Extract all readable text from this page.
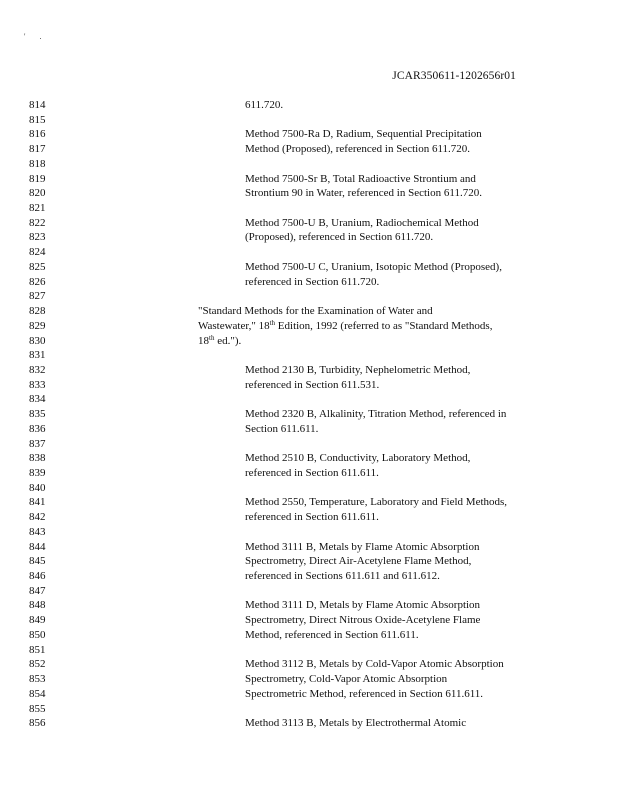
' .
JCAR350611-1202656r01
814	611.720.
815
816	Method 7500-Ra D, Radium, Sequential Precipitation
817	Method (Proposed), referenced in Section 611.720.
818
819	Method 7500-Sr B, Total Radioactive Strontium and
820	Strontium 90 in Water, referenced in Section 611.720.
821
822	Method 7500-U B, Uranium, Radiochemical Method
823	(Proposed), referenced in Section 611.720.
824
825	Method 7500-U C, Uranium, Isotopic Method (Proposed),
826	referenced in Section 611.720.
827
828	"Standard Methods for the Examination of Water and
829	Wastewater," 18th Edition, 1992 (referred to as "Standard Methods,
830	18th ed.").
831
832	Method 2130 B, Turbidity, Nephelometric Method,
833	referenced in Section 611.531.
834
835	Method 2320 B, Alkalinity, Titration Method, referenced in
836	Section 611.611.
837
838	Method 2510 B, Conductivity, Laboratory Method,
839	referenced in Section 611.611.
840
841	Method 2550, Temperature, Laboratory and Field Methods,
842	referenced in Section 611.611.
843
844	Method 3111 B, Metals by Flame Atomic Absorption
845	Spectrometry, Direct Air-Acetylene Flame Method,
846	referenced in Sections 611.611 and 611.612.
847
848	Method 3111 D, Metals by Flame Atomic Absorption
849	Spectrometry, Direct Nitrous Oxide-Acetylene Flame
850	Method, referenced in Section 611.611.
851
852	Method 3112 B, Metals by Cold-Vapor Atomic Absorption
853	Spectrometry, Cold-Vapor Atomic Absorption
854	Spectrometric Method, referenced in Section 611.611.
855
856	Method 3113 B, Metals by Electrothermal Atomic
